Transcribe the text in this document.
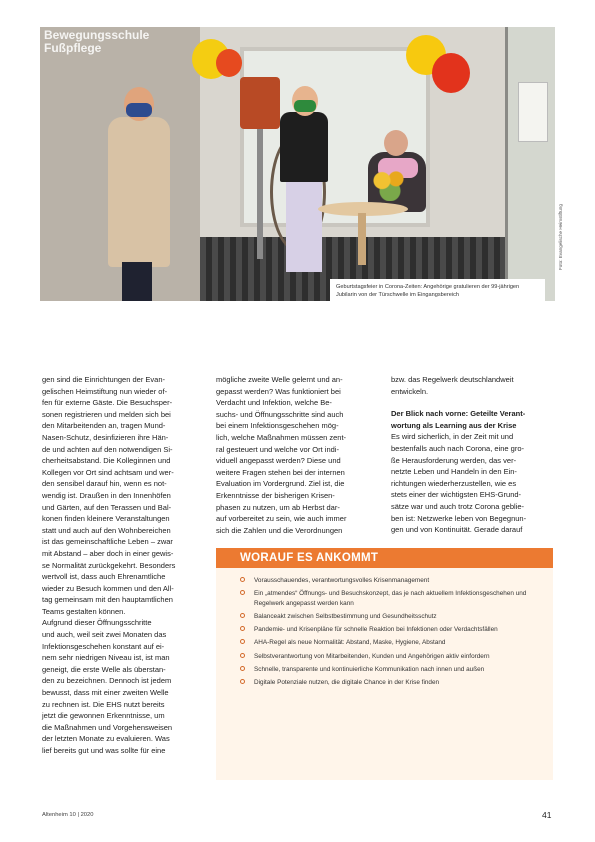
Bewegungsschule Fußpflege
Geburtstagsfeier in Corona-Zeiten: Angehörige gratulieren der 99-jährigen Jubilarin von der Türschwelle im Eingangsbereich
Foto: Evangelische Heimstiftung

gen sind die Einrichtungen der Evan-
gelischen Heimstiftung nun wieder of-
fen für externe Gäste. Die Besuchsper-
sonen registrieren und melden sich bei
den Mitarbeitenden an, tragen Mund-
Nasen-Schutz, desinfizieren ihre Hän-
de und achten auf den notwendigen Si-
cherheitsabstand. Die Kolleginnen und
Kollegen vor Ort sind achtsam und wer-
den sensibel darauf hin, wenn es not-
wendig ist. Draußen in den Innenhöfen
und Gärten, auf den Terassen und Bal-
konen finden kleinere Veranstaltungen
statt und auch auf den Wohnbereichen
ist das gemeinschaftliche Leben – zwar
mit Abstand – aber doch in einer gewis-
se Normalität zurückgekehrt. Besonders
wertvoll ist, dass auch Ehrenamtliche
wieder zu Besuch kommen und den All-
tag gemeinsam mit den hauptamtlichen
Teams gestalten können.
Aufgrund dieser Öffnungsschritte
und auch, weil seit zwei Monaten das
Infektionsgeschehen konstant auf ei-
nem sehr niedrigen Niveau ist, ist man
geneigt, die erste Welle als überstan-
den zu bezeichnen. Dennoch ist jedem
bewusst, dass mit einer zweiten Welle
zu rechnen ist. Die EHS nutzt bereits
jetzt die gewonnen Erkenntnisse, um
die Maßnahmen und Vorgehensweisen
der letzten Monate zu evaluieren. Was
lief bereits gut und was sollte für eine

mögliche zweite Welle gelernt und an-
gepasst werden? Was funktioniert bei
Verdacht und Infektion, welche Be-
suchs- und Öffnungsschritte sind auch
bei einem Infektionsgeschehen mög-
lich, welche Maßnahmen müssen zent-
ral gesteuert und welche vor Ort indi-
viduell angepasst werden? Diese und
weitere Fragen stehen bei der internen
Evaluation im Vordergrund. Ziel ist, die
Erkenntnisse der bisherigen Krisen-
phasen zu nutzen, um ab Herbst dar-
auf vorbereitet zu sein, wie auch immer
sich die Zahlen und die Verordnungen

bzw. das Regelwerk deutschlandweit
entwickeln.

Der Blick nach vorne: Geteilte Verant-
wortung als Learning aus der Krise

Es wird sicherlich, in der Zeit mit und
bestenfalls auch nach Corona, eine gro-
ße Herausforderung werden, das ver-
netzte Leben und Handeln in den Ein-
richtungen wiederherzustellen, wie es
stets einer der wichtigsten EHS-Grund-
sätze war und auch trotz Corona geblie-
ben ist: Netzwerke leben von Begegnun-
gen und von Kontinuität. Gerade darauf

WORAUF ES ANKOMMT
Vorausschauendes, verantwortungsvolles Krisenmanagement
Ein „atmendes“ Öffnungs- und Besuchskonzept, das je nach aktuellem Infektionsgeschehen und Regelwerk angepasst werden kann
Balanceakt zwischen Selbstbestimmung und Gesundheitsschutz
Pandemie- und Krisenpläne für schnelle Reaktion bei Infektionen oder Verdachtsfällen
AHA-Regel als neue Normalität: Abstand, Maske, Hygiene, Abstand
Selbstverantwortung von Mitarbeitenden, Kunden und Angehörigen aktiv einfordern
Schnelle, transparente und kontinuierliche Kommunikation nach innen und außen
Digitale Potenziale nutzen, die digitale Chance in der Krise finden
Altenheim 10 | 2020	41
